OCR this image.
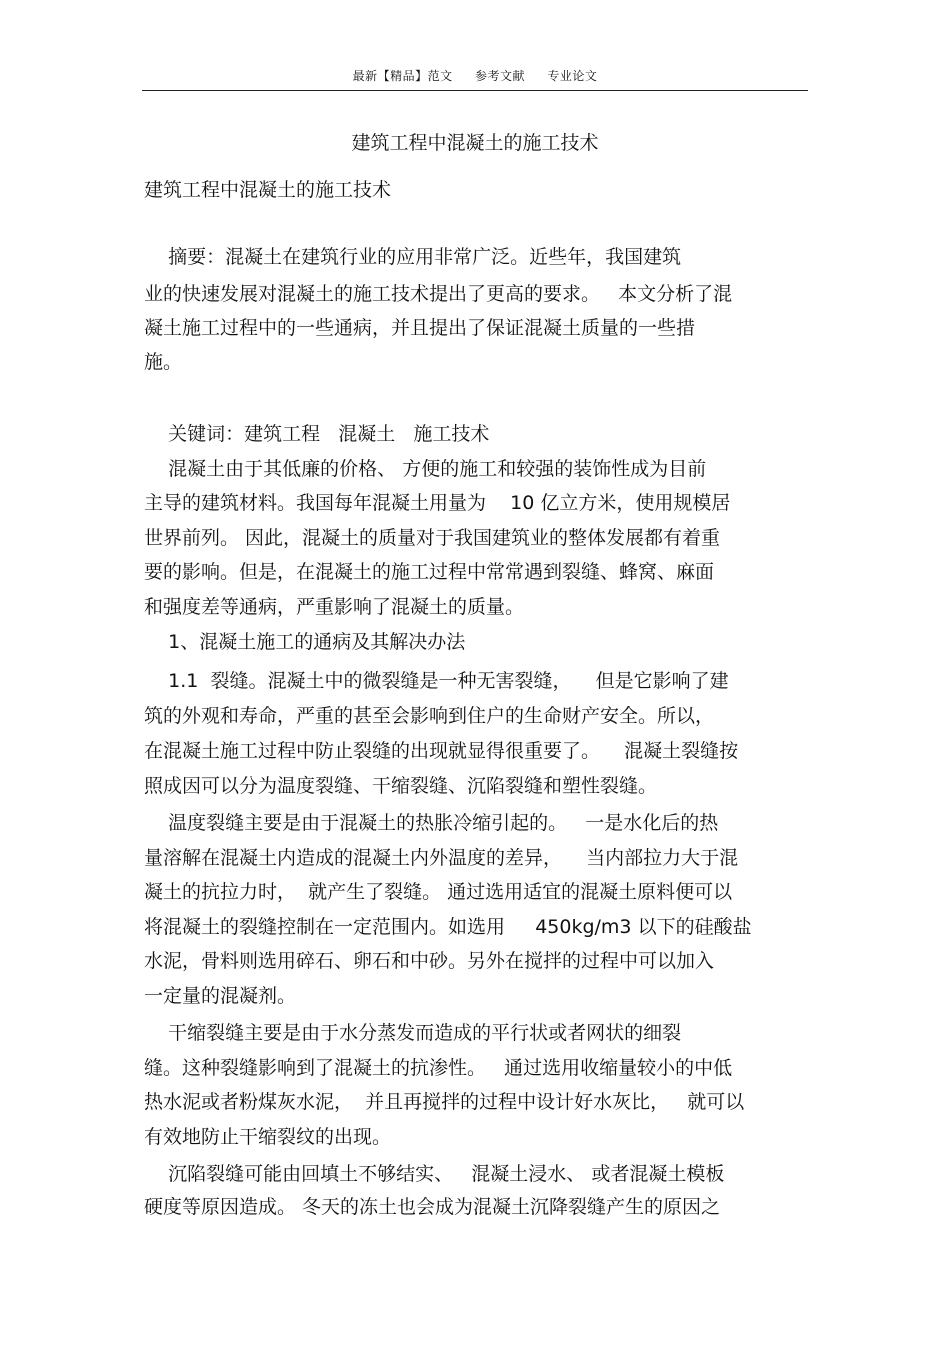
最新【精品】范文 参考文献 专业论文
建筑工程中混凝土的施工技术
建筑工程中混凝土的施工技术
摘要：混凝土在建筑行业的应用非常广泛。近些年，我国建筑
业的快速发展对混凝土的施工技术提出了更高的要求。   本文分析了混
凝土施工过程中的一些通病，并且提出了保证混凝土质量的一些措
施。
关键词：建筑工程   混凝土   施工技术
混凝土由于其低廉的价格、 方便的施工和较强的装饰性成为目前
主导的建筑材料。我国每年混凝土用量为    10 亿立方米，使用规模居
世界前列。 因此，混凝土的质量对于我国建筑业的整体发展都有着重
要的影响。但是，在混凝土的施工过程中常常遇到裂缝、蜂窝、麻面
和强度差等通病，严重影响了混凝土的质量。
1、混凝土施工的通病及其解决办法
1.1  裂缝。混凝土中的微裂缝是一种无害裂缝，    但是它影响了建
筑的外观和寿命，严重的甚至会影响到住户的生命财产安全。所以，
在混凝土施工过程中防止裂缝的出现就显得很重要了。    混凝土裂缝按
照成因可以分为温度裂缝、干缩裂缝、沉陷裂缝和塑性裂缝。
温度裂缝主要是由于混凝土的热胀冷缩引起的。   一是水化后的热
量溶解在混凝土内造成的混凝土内外温度的差异，    当内部拉力大于混
凝土的抗拉力时，  就产生了裂缝。 通过选用适宜的混凝土原料便可以
将混凝土的裂缝控制在一定范围内。如选用     450kg/m3 以下的硅酸盐
水泥，骨料则选用碎石、卵石和中砂。另外在搅拌的过程中可以加入
一定量的混凝剂。
干缩裂缝主要是由于水分蒸发而造成的平行状或者网状的细裂
缝。这种裂缝影响到了混凝土的抗渗性。   通过选用收缩量较小的中低
热水泥或者粉煤灰水泥，  并且再搅拌的过程中设计好水灰比，   就可以
有效地防止干缩裂纹的出现。
沉陷裂缝可能由回填土不够结实、   混凝土浸水、 或者混凝土模板
硬度等原因造成。 冬天的冻土也会成为混凝土沉降裂缝产生的原因之
